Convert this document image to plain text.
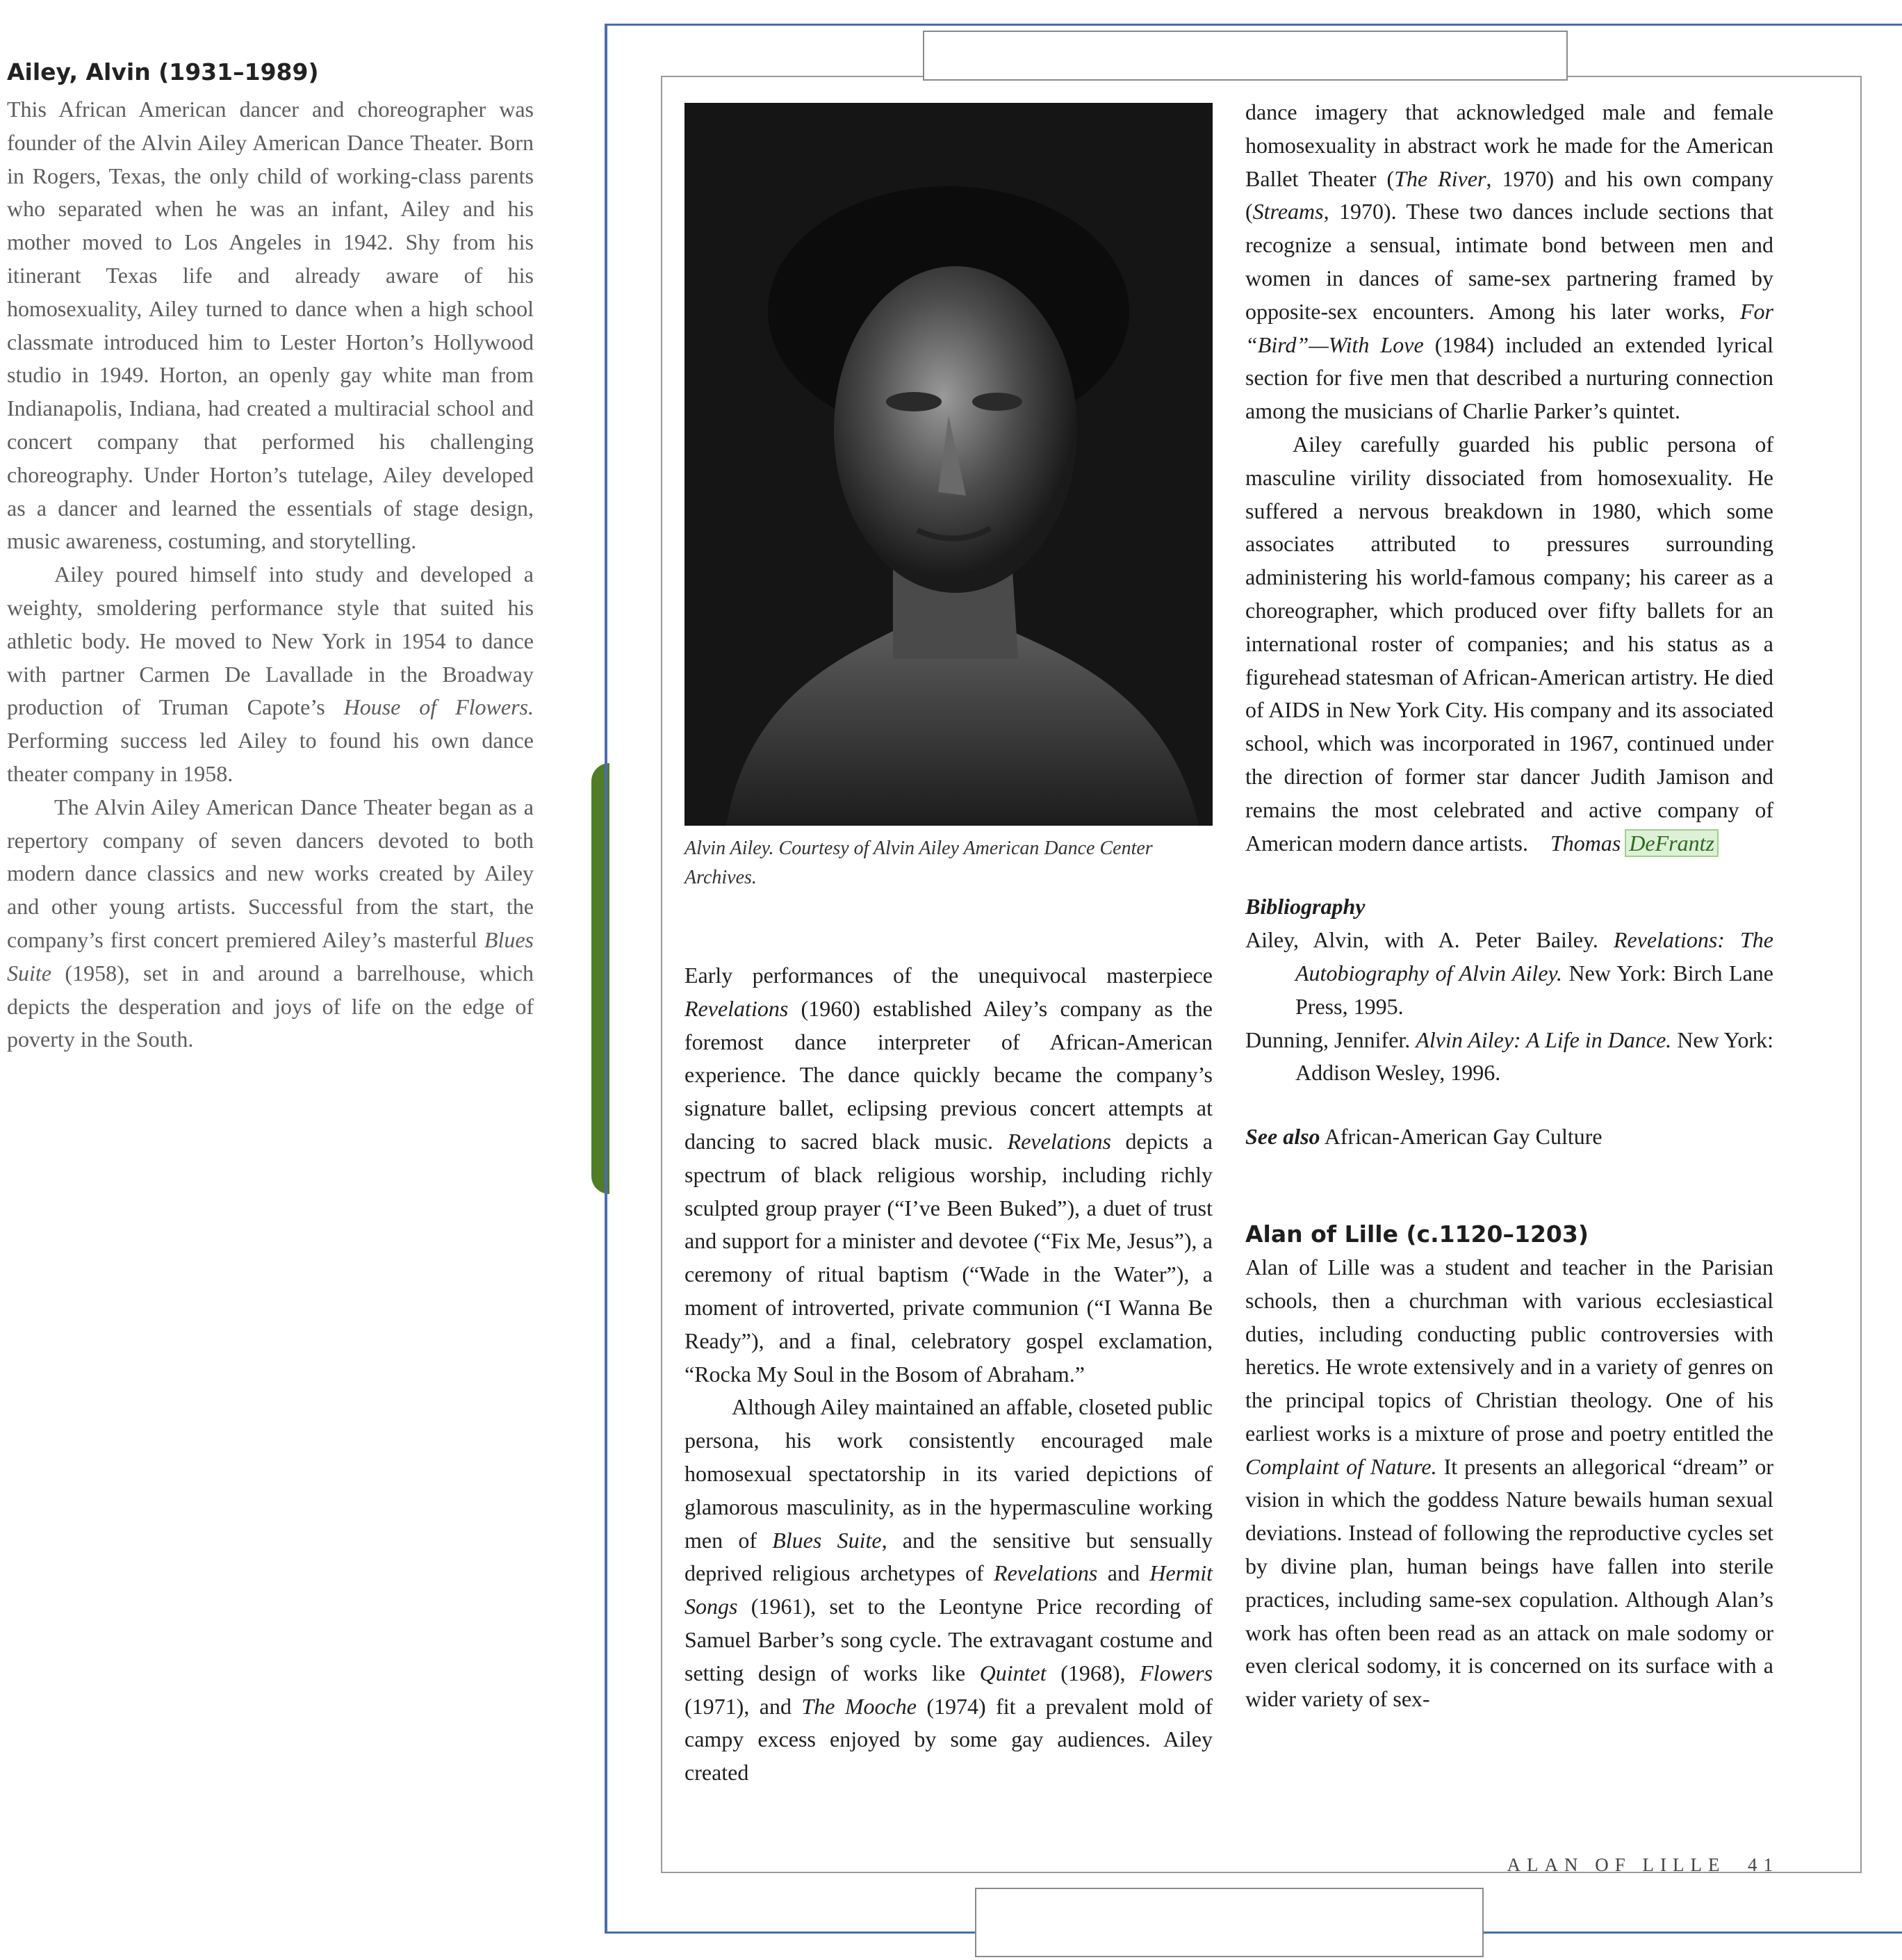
Ailey, Alvin (1931–1989)

This African American dancer and choreographer was founder of the Alvin Ailey American Dance Theater. Born in Rogers, Texas, the only child of working-class parents who separated when he was an infant, Ailey and his mother moved to Los Angeles in 1942. Shy from his itinerant Texas life and already aware of his homosexuality, Ailey turned to dance when a high school classmate introduced him to Lester Horton’s Hollywood studio in 1949. Horton, an openly gay white man from Indianapolis, Indiana, had created a multiracial school and concert company that performed his challenging choreography. Under Horton’s tutelage, Ailey developed as a dancer and learned the essentials of stage design, music awareness, costuming, and storytelling.

Ailey poured himself into study and developed a weighty, smoldering performance style that suited his athletic body. He moved to New York in 1954 to dance with partner Carmen De Lavallade in the Broadway production of Truman Capote’s House of Flowers. Performing success led Ailey to found his own dance theater company in 1958.

The Alvin Ailey American Dance Theater began as a repertory company of seven dancers devoted to both modern dance classics and new works created by Ailey and other young artists. Successful from the start, the company’s first concert premiered Ailey’s masterful Blues Suite (1958), set in and around a barrelhouse, which depicts the desperation and joys of life on the edge of poverty in the South.

Alvin Ailey. Courtesy of Alvin Ailey American Dance Center Archives.

Early performances of the unequivocal masterpiece Revelations (1960) established Ailey’s company as the foremost dance interpreter of African-American experience. The dance quickly became the company’s signature ballet, eclipsing previous concert attempts at dancing to sacred black music. Revelations depicts a spectrum of black religious worship, including richly sculpted group prayer (“I’ve Been Buked”), a duet of trust and support for a minister and devotee (“Fix Me, Jesus”), a ceremony of ritual baptism (“Wade in the Water”), a moment of introverted, private communion (“I Wanna Be Ready”), and a final, celebratory gospel exclamation, “Rocka My Soul in the Bosom of Abraham.”

Although Ailey maintained an affable, closeted public persona, his work consistently encouraged male homosexual spectatorship in its varied depictions of glamorous masculinity, as in the hypermasculine working men of Blues Suite, and the sensitive but sensually deprived religious archetypes of Revelations and Hermit Songs (1961), set to the Leontyne Price recording of Samuel Barber’s song cycle. The extravagant costume and setting design of works like Quintet (1968), Flowers (1971), and The Mooche (1974) fit a prevalent mold of campy excess enjoyed by some gay audiences. Ailey created

dance imagery that acknowledged male and female homosexuality in abstract work he made for the American Ballet Theater (The River, 1970) and his own company (Streams, 1970). These two dances include sections that recognize a sensual, intimate bond between men and women in dances of same-sex partnering framed by opposite-sex encounters. Among his later works, For “Bird”—With Love (1984) included an extended lyrical section for five men that described a nurturing connection among the musicians of Charlie Parker’s quintet.

Ailey carefully guarded his public persona of masculine virility dissociated from homosexuality. He suffered a nervous breakdown in 1980, which some associates attributed to pressures surrounding administering his world-famous company; his career as a choreographer, which produced over fifty ballets for an international roster of companies; and his status as a figurehead statesman of African-American artistry. He died of AIDS in New York City. His company and its associated school, which was incorporated in 1967, continued under the direction of former star dancer Judith Jamison and remains the most celebrated and active company of American modern dance artists. Thomas DeFrantz

Bibliography

Ailey, Alvin, with A. Peter Bailey. Revelations: The Autobiography of Alvin Ailey. New York: Birch Lane Press, 1995.

Dunning, Jennifer. Alvin Ailey: A Life in Dance. New York: Addison Wesley, 1996.

See also African-American Gay Culture

Alan of Lille (c.1120–1203)

Alan of Lille was a student and teacher in the Parisian schools, then a churchman with various ecclesiastical duties, including conducting public controversies with heretics. He wrote extensively and in a variety of genres on the principal topics of Christian theology. One of his earliest works is a mixture of prose and poetry entitled the Complaint of Nature. It presents an allegorical “dream” or vision in which the goddess Nature bewails human sexual deviations. Instead of following the reproductive cycles set by divine plan, human beings have fallen into sterile practices, including same-sex copulation. Although Alan’s work has often been read as an attack on male sodomy or even clerical sodomy, it is concerned on its surface with a wider variety of sex-

ALAN OF LILLE 41
